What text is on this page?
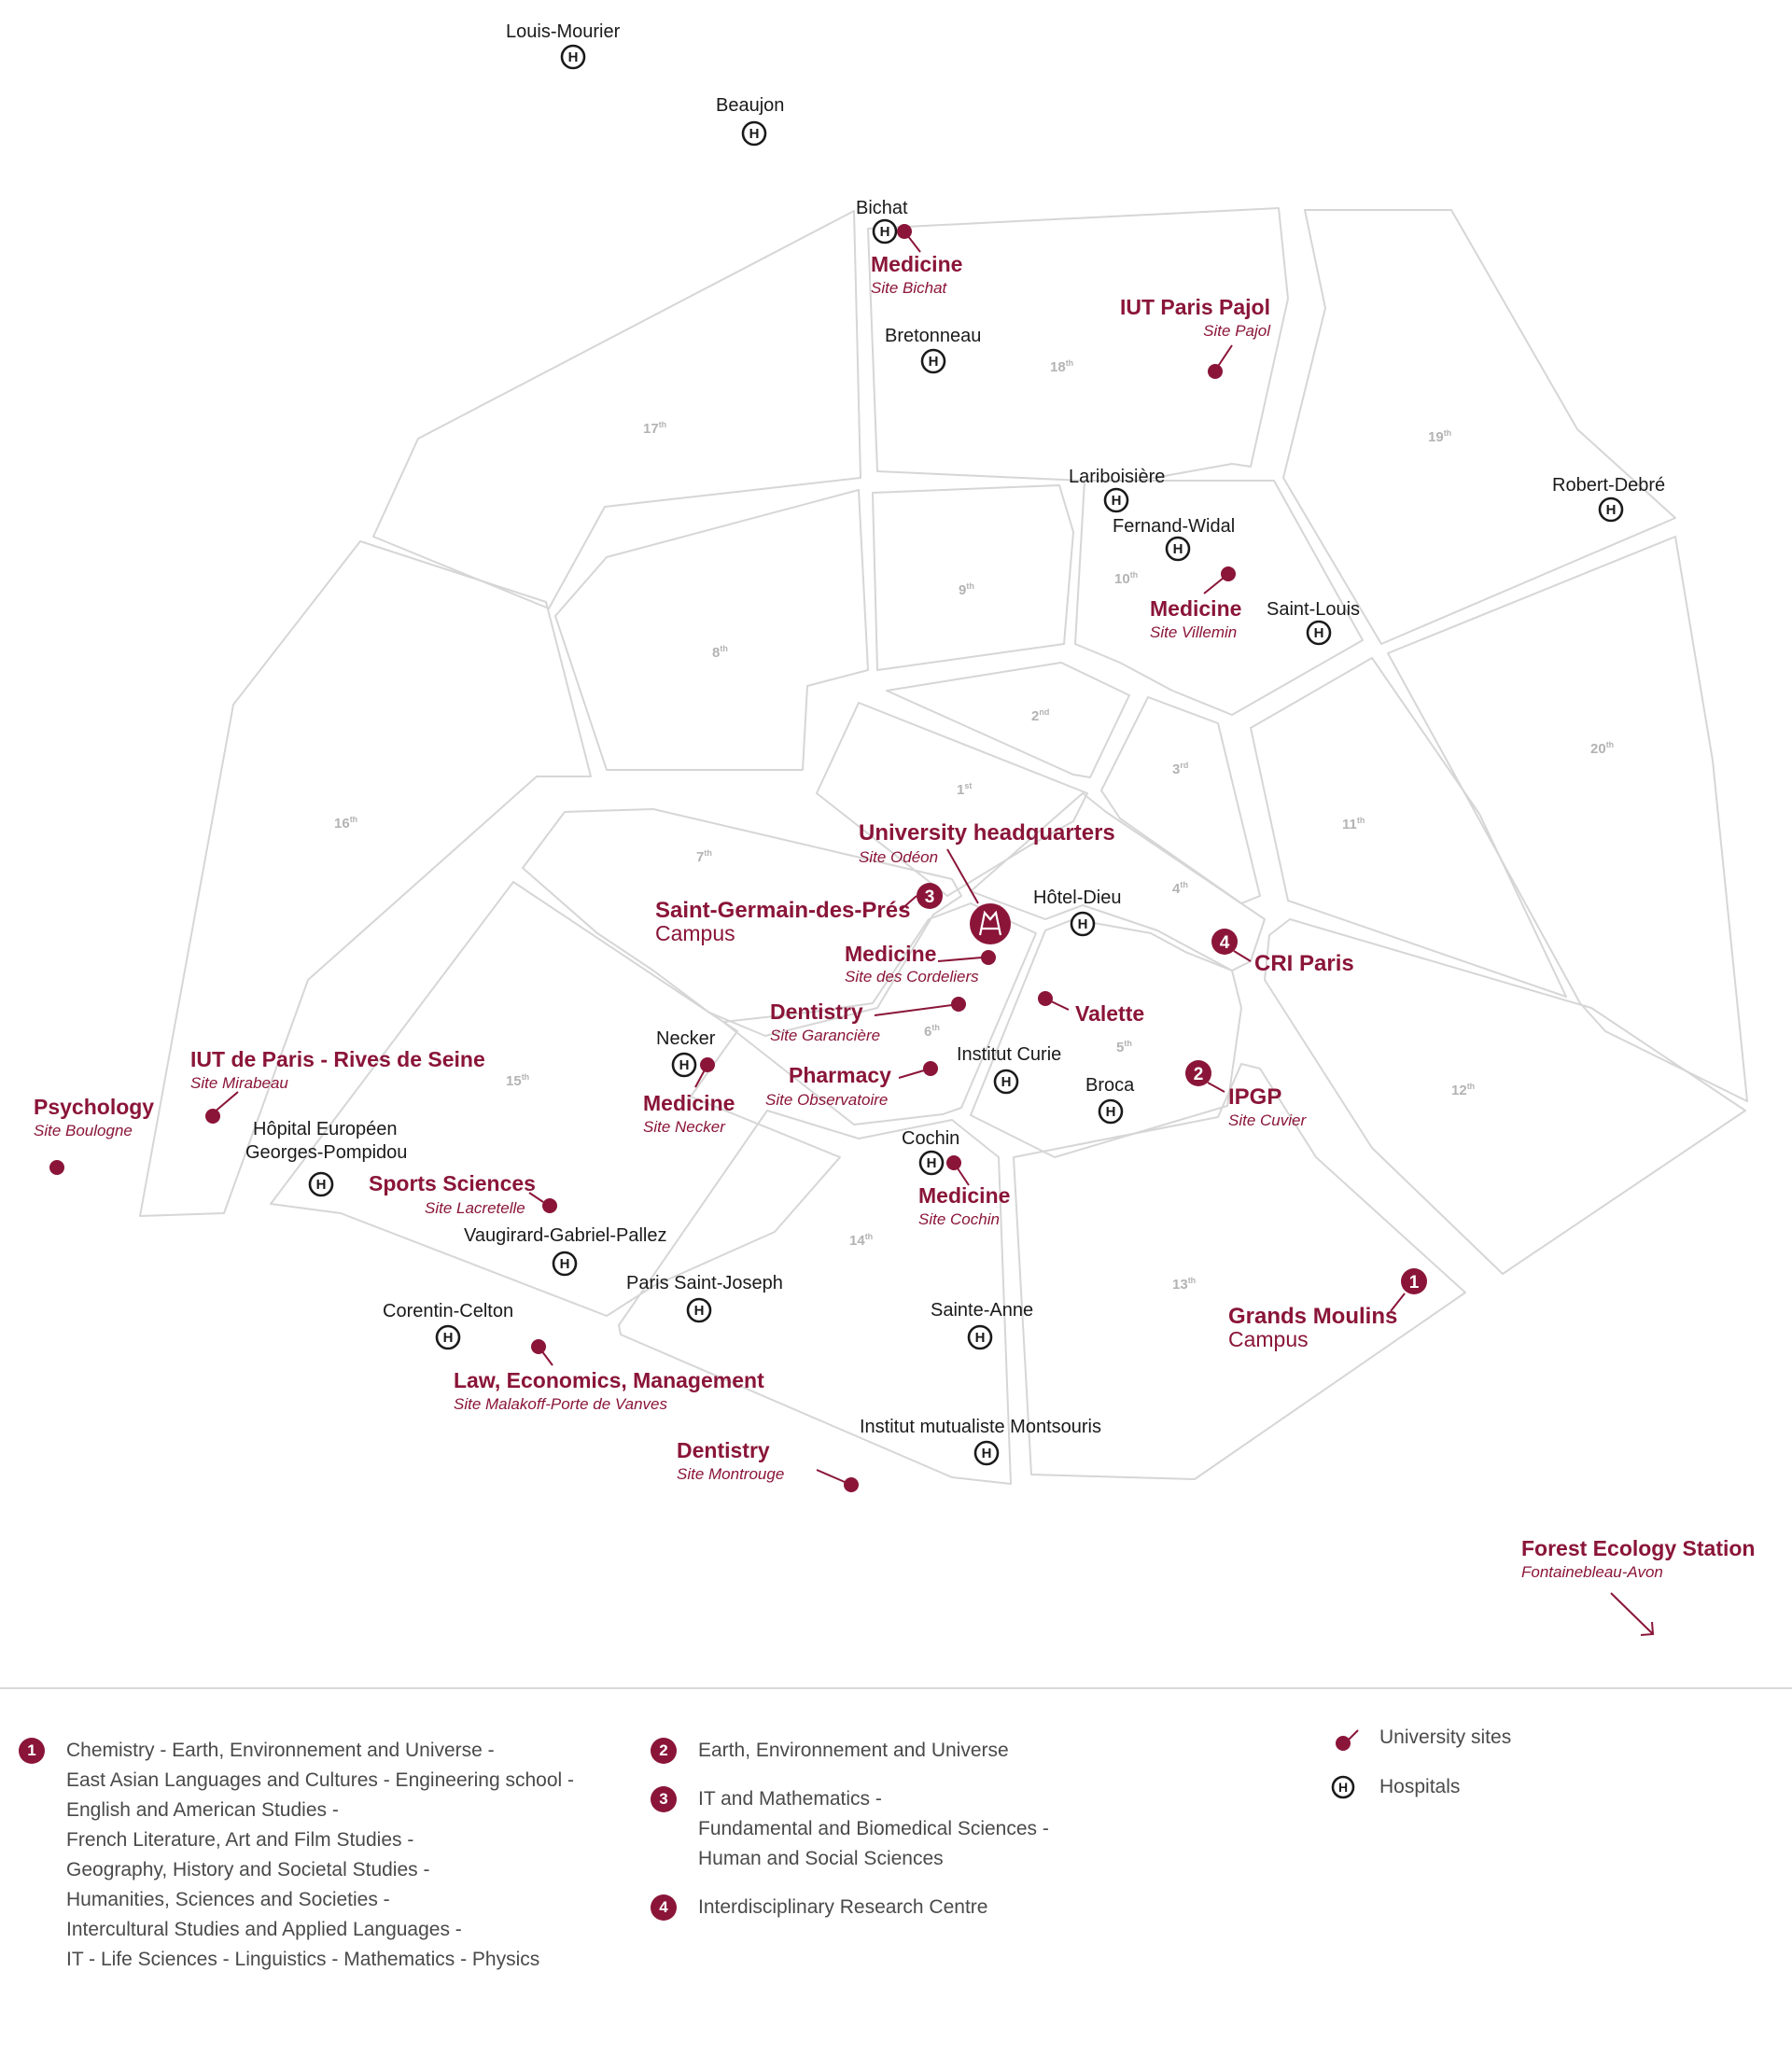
1st
2nd
3rd
4th
5th
6th
7th
8th
9th	10th
11th
12th
13th
14th
15th
16th
17th
18th
19th
20th
Louis-Mourier
H
Beaujon
H
Bichat
H
Bretonneau
H
Lariboisière
H
Fernand-Widal
H
Robert-Debré
H
Saint-Louis
H
Hôtel-Dieu
H
Necker
H
Institut Curie
H	Broca
H
Cochin
H
Hôpital Européen
Georges-Pompidou
H
Vaugirard-Gabriel-Pallez
H
Paris Saint-Joseph
H
Corentin-Celton
H
Sainte-Anne
H
Institut mutualiste Montsouris
H
Medicine
Site Bichat
IUT Paris Pajol
Site Pajol
Medicine
Site Villemin
University headquarters
Site Odéon
Saint-Germain-des-Prés
Campus
3
Medicine
Site des Cordeliers
Dentistry
Site Garancière
Valette
4
CRI Paris
IUT de Paris - Rives de Seine
Site Mirabeau
Psychology
Site Boulogne
Medicine
Site Necker
Pharmacy
Site Observatoire
2
IPGP
Site Cuvier
Sports Sciences
Site Lacretelle
Medicine
Site Cochin
1
Grands Moulins
Campus
Law, Economics, Management
Site Malakoff-Porte de Vanves
Dentistry
Site Montrouge
Forest Ecology Station
Fontainebleau-Avon
1	Chemistry - Earth, Environnement and Universe -
East Asian Languages and Cultures - Engineering school -
English and American Studies -
French Literature, Art and Film Studies -
Geography, History and Societal Studies -
Humanities, Sciences and Societies -
Intercultural Studies and Applied Languages -
IT - Life Sciences - Linguistics - Mathematics - Physics
2	Earth, Environnement and Universe
3	IT and Mathematics -
Fundamental and Biomedical Sciences -
Human and Social Sciences
4	Interdisciplinary Research Centre
University sites
H Hospitals
